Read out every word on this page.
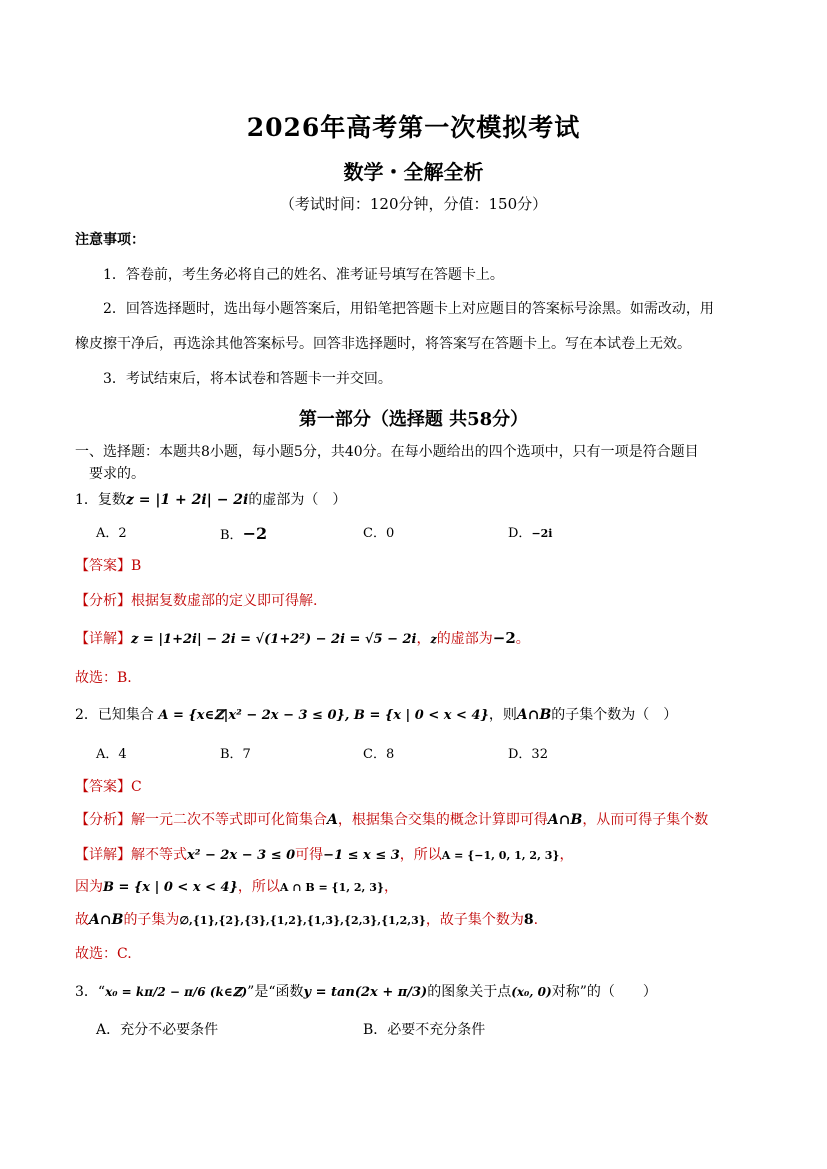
2026年高考第一次模拟考试
数学・全解全析
（考试时间：120分钟，分值：150分）
注意事项：
1．答卷前，考生务必将自己的姓名、准考证号填写在答题卡上。
2．回答选择题时，选出每小题答案后，用铅笔把答题卡上对应题目的答案标号涂黑。如需改动，用
橡皮擦干净后，再选涂其他答案标号。回答非选择题时，将答案写在答题卡上。写在本试卷上无效。
3．考试结束后，将本试卷和答题卡一并交回。
第一部分（选择题 共58分）
一、选择题：本题共8小题，每小题5分，共40分。在每小题给出的四个选项中，只有一项是符合题目
要求的。
1．复数z = |1 + 2i| − 2i的虚部为（　）
A．2	B．−2	C．0	D．−2i
【答案】B
【分析】根据复数虚部的定义即可得解.
【详解】z = |1+2i| − 2i = √(1+2²) − 2i = √5 − 2i，z的虚部为−2。
故选：B.
2．已知集合 A = {x∈ℤ|x² − 2x − 3 ≤ 0}, B = {x | 0 < x < 4}，则A∩B的子集个数为（　）
A．4	B．7	C．8	D．32
【答案】C
【分析】解一元二次不等式即可化简集合A，根据集合交集的概念计算即可得A∩B，从而可得子集个数
【详解】解不等式x² − 2x − 3 ≤ 0可得−1 ≤ x ≤ 3，所以A = {−1, 0, 1, 2, 3}，
因为B = {x | 0 < x < 4}，所以A ∩ B = {1, 2, 3}，
故A∩B的子集为∅,{1},{2},{3},{1,2},{1,3},{2,3},{1,2,3}，故子集个数为8.
故选：C.
3．“x₀ = kπ/2 − π/6 (k∈ℤ)”是“函数y = tan(2x + π/3)的图象关于点(x₀, 0)对称”的（　　）
A．充分不必要条件	B．必要不充分条件
